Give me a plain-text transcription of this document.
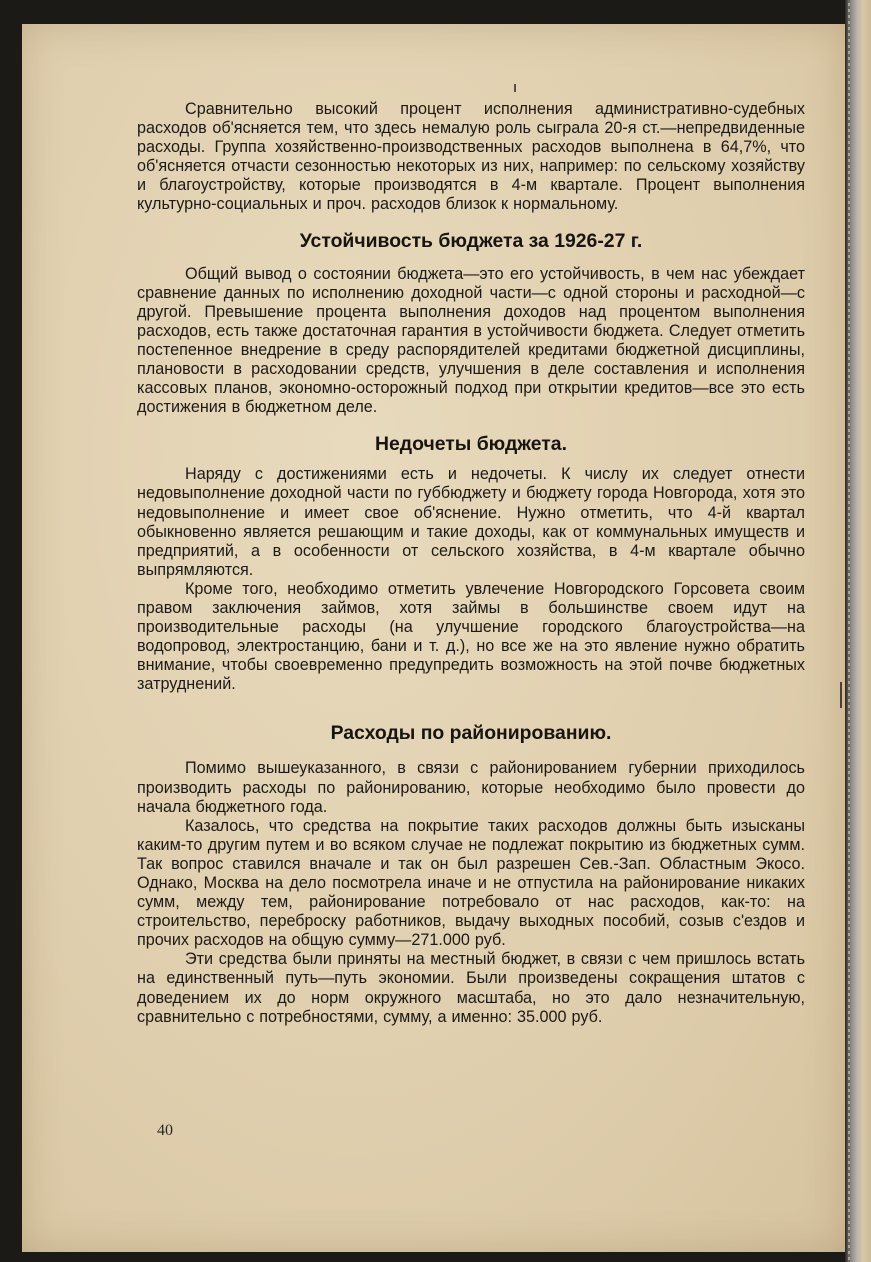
Сравнительно высокий процент исполнения административно-судебных расходов об'ясняется тем, что здесь немалую роль сыграла 20-я ст.—непредвиденные расходы. Группа хозяйственно-производственных расходов выполнена в 64,7%, что об'ясняется отчасти сезонностью некоторых из них, например: по сельскому хозяйству и благоустройству, которые производятся в 4-м квартале. Процент выполнения культурно-социальных и проч. расходов близок к нормальному.

Устойчивость бюджета за 1926-27 г.

Общий вывод о состоянии бюджета—это его устойчивость, в чем нас убеждает сравнение данных по исполнению доходной части—с одной стороны и расходной—с другой. Превышение процента выполнения доходов над процентом выполнения расходов, есть также достаточная гарантия в устойчивости бюджета. Следует отметить постепенное внедрение в среду распорядителей кредитами бюджетной дисциплины, плановости в расходовании средств, улучшения в деле составления и исполнения кассовых планов, экономно-осторожный подход при открытии кредитов—все это есть достижения в бюджетном деле.

Недочеты бюджета.

Наряду с достижениями есть и недочеты. К числу их следует отнести недовыполнение доходной части по губбюджету и бюджету города Новгорода, хотя это недовыполнение и имеет свое об'яснение. Нужно отметить, что 4-й квартал обыкновенно является решающим и такие доходы, как от коммунальных имуществ и предприятий, а в особенности от сельского хозяйства, в 4-м квартале обычно выпрямляются.

Кроме того, необходимо отметить увлечение Новгородского Горсовета своим правом заключения займов, хотя займы в большинстве своем идут на производительные расходы (на улучшение городского благоустройства—на водопровод, электростанцию, бани и т. д.), но все же на это явление нужно обратить внимание, чтобы своевременно предупредить возможность на этой почве бюджетных затруднений.

Расходы по районированию.

Помимо вышеуказанного, в связи с районированием губернии приходилось производить расходы по районированию, которые необходимо было провести до начала бюджетного года.

Казалось, что средства на покрытие таких расходов должны быть изысканы каким-то другим путем и во всяком случае не подлежат покрытию из бюджетных сумм. Так вопрос ставился вначале и так он был разрешен Сев.-Зап. Областным Экосо. Однако, Москва на дело посмотрела иначе и не отпустила на районирование никаких сумм, между тем, районирование потребовало от нас расходов, как-то: на строительство, переброску работников, выдачу выходных пособий, созыв с'ездов и прочих расходов на общую сумму—271.000 руб.

Эти средства были приняты на местный бюджет, в связи с чем пришлось встать на единственный путь—путь экономии. Были произведены сокращения штатов с доведением их до норм окружного масштаба, но это дало незначительную, сравнительно с потребностями, сумму, а именно: 35.000 руб.

40
